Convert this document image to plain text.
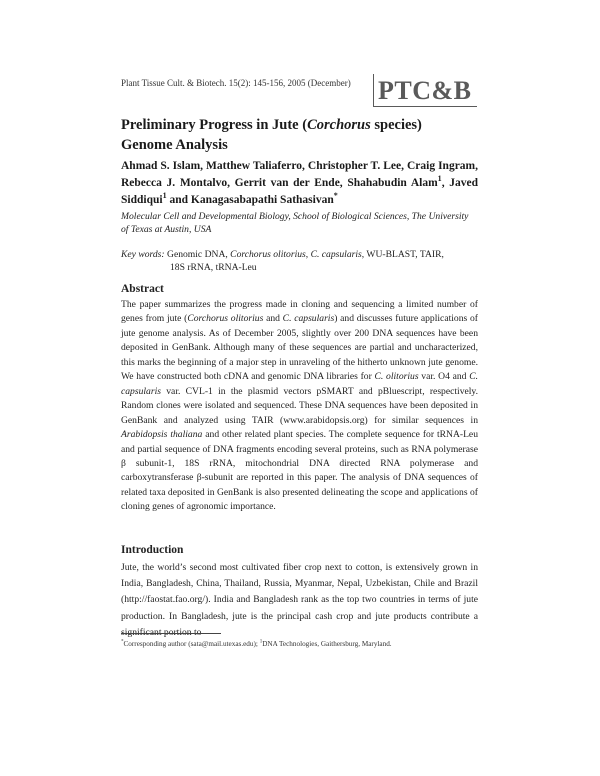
Plant Tissue Cult. & Biotech. 15(2): 145-156, 2005 (December) PTC&B
Preliminary Progress in Jute (Corchorus species)
Genome Analysis
Ahmad S. Islam, Matthew Taliaferro, Christopher T. Lee, Craig Ingram, Rebecca J. Montalvo, Gerrit van der Ende, Shahabudin Alam$^1$, Javed Siddiqui$^1$ and Kanagasabapathi Sathasivan*
Molecular Cell and Developmental Biology, School of Biological Sciences, The University of Texas at Austin, USA
Key words: Genomic DNA, Corchorus olitorius, C. capsularis, WU-BLAST, TAIR,
18S rRNA, tRNA-Leu
Abstract
The paper summarizes the progress made in cloning and sequencing a limited number of genes from jute (Corchorus olitorius and C. capsularis) and discusses future applications of jute genome analysis. As of December 2005, slightly over 200 DNA sequences have been deposited in GenBank. Although many of these sequences are partial and uncharacterized, this marks the beginning of a major step in unraveling of the hitherto unknown jute genome. We have constructed both cDNA and genomic DNA libraries for C. olitorius var. O4 and C. capsularis var. CVL-1 in the plasmid vectors pSMART and pBluescript, respectively. Random clones were isolated and sequenced. These DNA sequences have been deposited in GenBank and analyzed using TAIR (www.arabidopsis.org) for similar sequences in Arabidopsis thaliana and other related plant species. The complete sequence for tRNA-Leu and partial sequence of DNA fragments encoding several proteins, such as RNA polymerase β subunit-1, 18S rRNA, mitochondrial DNA directed RNA polymerase and carboxytransferase β-subunit are reported in this paper. The analysis of DNA sequences of related taxa deposited in GenBank is also presented delineating the scope and applications of cloning genes of agronomic importance.
Introduction
Jute, the world’s second most cultivated fiber crop next to cotton, is extensively grown in India, Bangladesh, China, Thailand, Russia, Myanmar, Nepal, Uzbekistan, Chile and Brazil (http://faostat.fao.org/). India and Bangladesh rank as the top two countries in terms of jute production. In Bangladesh, jute is the principal cash crop and jute products contribute a significant portion to
*Corresponding author (sata@mail.utexas.edu); $^1$DNA Technologies, Gaithersburg, Maryland.
